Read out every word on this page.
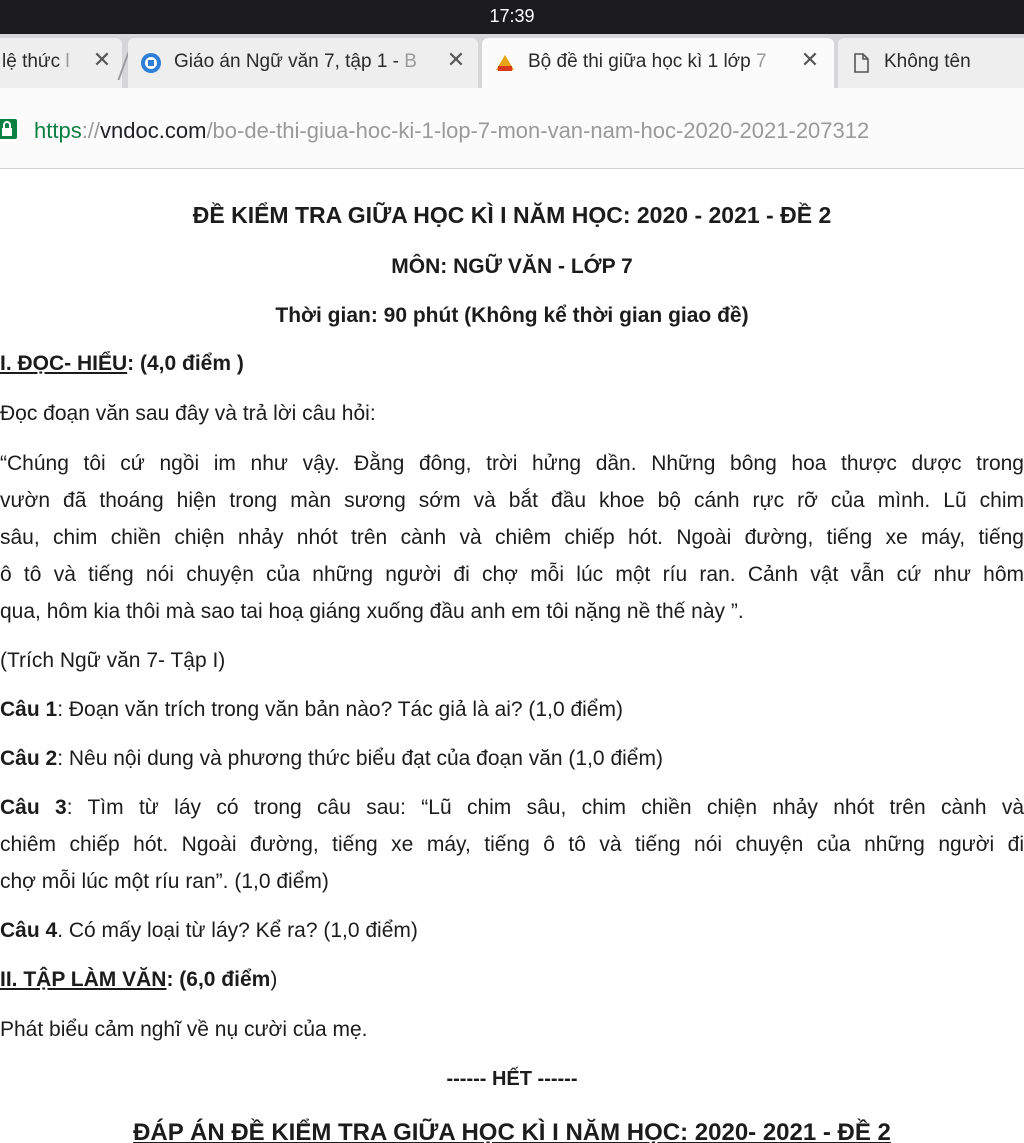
17:39
lệ thức l	✕	Giáo án Ngữ văn 7, tập 1 - B	✕	Bộ đề thi giữa học kì 1 lớp 7	✕	Không tên
https://vndoc.com/bo-de-thi-giua-hoc-ki-1-lop-7-mon-van-nam-hoc-2020-2021-207312

ĐỀ KIỂM TRA GIỮA HỌC KÌ I NĂM HỌC: 2020 - 2021 - ĐỀ 2

MÔN: NGỮ VĂN - LỚP 7

Thời gian: 90 phút (Không kể thời gian giao đề)

I. ĐỌC- HIỂU: (4,0 điểm )

Đọc đoạn văn sau đây và trả lời câu hỏi:

“Chúng tôi cứ ngồi im như vậy. Đằng đông, trời hửng dần. Những bông hoa thược dược trong
vườn đã thoáng hiện trong màn sương sớm và bắt đầu khoe bộ cánh rực rỡ của mình. Lũ chim
sâu, chim chiền chiện nhảy nhót trên cành và chiêm chiếp hót. Ngoài đường, tiếng xe máy, tiếng
ô tô và tiếng nói chuyện của những người đi chợ mỗi lúc một ríu ran. Cảnh vật vẫn cứ như hôm
qua, hôm kia thôi mà sao tai hoạ giáng xuống đầu anh em tôi nặng nề thế này ”.

(Trích Ngữ văn 7- Tập I)

Câu 1: Đoạn văn trích trong văn bản nào? Tác giả là ai? (1,0 điểm)

Câu 2: Nêu nội dung và phương thức biểu đạt của đoạn văn (1,0 điểm)

Câu 3: Tìm từ láy có trong câu sau: “Lũ chim sâu, chim chiền chiện nhảy nhót trên cành và
chiêm chiếp hót. Ngoài đường, tiếng xe máy, tiếng ô tô và tiếng nói chuyện của những người đi
chợ mỗi lúc một ríu ran”. (1,0 điểm)

Câu 4. Có mấy loại từ láy? Kể ra? (1,0 điểm)

II. TẬP LÀM VĂN: (6,0 điểm)

Phát biểu cảm nghĩ về nụ cười của mẹ.

------ HẾT ------

ĐÁP ÁN ĐỀ KIỂM TRA GIỮA HỌC KÌ I NĂM HỌC: 2020- 2021 - ĐỀ 2
